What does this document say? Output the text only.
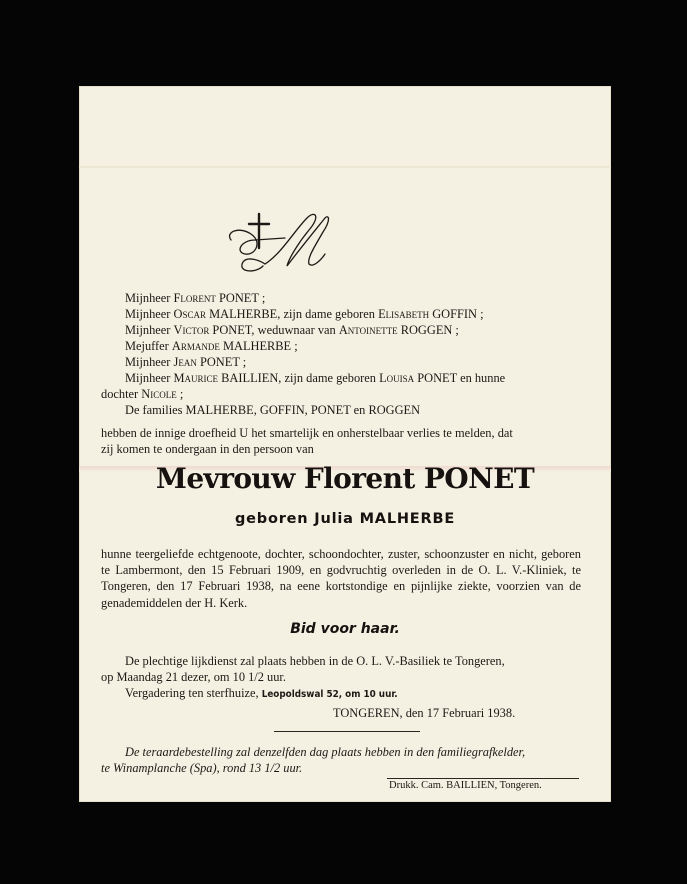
Mijnheer Florent PONET ;

Mijnheer Oscar MALHERBE, zijn dame geboren Elisabeth GOFFIN ;

Mijnheer Victor PONET, weduwnaar van Antoinette ROGGEN ;

Mejuffer Armande MALHERBE ;

Mijnheer Jean PONET ;

Mijnheer Maurice BAILLIEN, zijn dame geboren Louisa PONET en hunne

dochter Nicole ;

De families MALHERBE, GOFFIN, PONET en ROGGEN

hebben de innige droefheid U het smartelijk en onherstelbaar verlies te melden, dat

zij komen te ondergaan in den persoon van

Mevrouw Florent PONET
geboren Julia MALHERBE

hunne teergeliefde echtgenoote, dochter, schoondochter, zuster, schoonzuster en nicht, geboren te Lambermont, den 15 Februari 1909, en godvruchtig overleden in de O. L. V.-Kliniek, te Tongeren, den 17 Februari 1938, na eene kortstondige en pijnlijke ziekte, voorzien van de genademiddelen der H. Kerk.

Bid voor haar.

De plechtige lijkdienst zal plaats hebben in de O. L. V.-Basiliek te Tongeren,

op Maandag 21 dezer, om 10 1/2 uur.

Vergadering ten sterfhuize, Leopoldswal 52, om 10 uur.

TONGEREN, den 17 Februari 1938.

De teraardebestelling zal denzelfden dag plaats hebben in den familiegrafkelder,

te Winamplanche (Spa), rond 13 1/2 uur.

Drukk. Cam. BAILLIEN, Tongeren.
